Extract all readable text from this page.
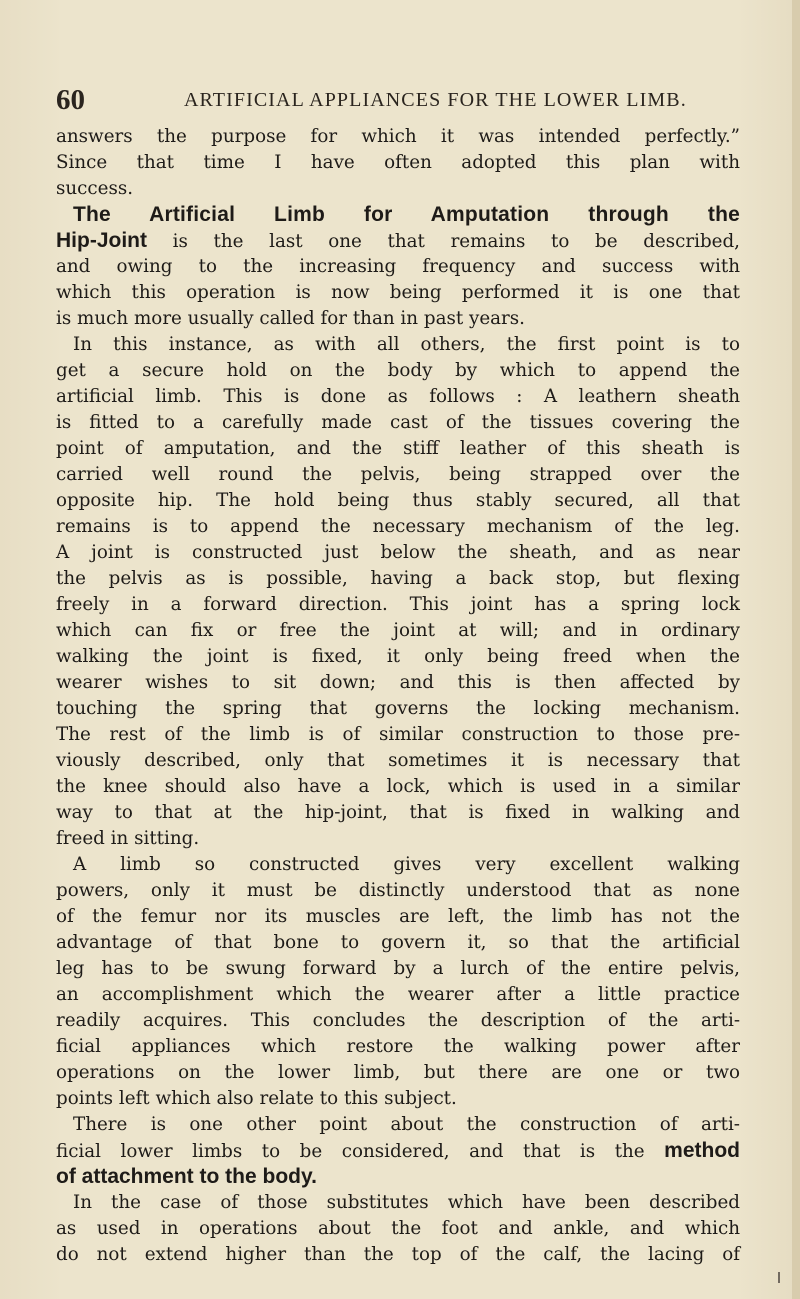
60	ARTIFICIAL APPLIANCES FOR THE LOWER LIMB.
answers the purpose for which it was intended perfectly.”
Since that time I have often adopted this plan with
success.
The Artificial Limb for Amputation through the
Hip-Joint is the last one that remains to be described,
and owing to the increasing frequency and success with
which this operation is now being performed it is one that
is much more usually called for than in past years.
In this instance, as with all others, the first point is to
get a secure hold on the body by which to append the
artificial limb. This is done as follows : A leathern sheath
is fitted to a carefully made cast of the tissues covering the
point of amputation, and the stiff leather of this sheath is
carried well round the pelvis, being strapped over the
opposite hip. The hold being thus stably secured, all that
remains is to append the necessary mechanism of the leg.
A joint is constructed just below the sheath, and as near
the pelvis as is possible, having a back stop, but flexing
freely in a forward direction. This joint has a spring lock
which can fix or free the joint at will; and in ordinary
walking the joint is fixed, it only being freed when the
wearer wishes to sit down; and this is then affected by
touching the spring that governs the locking mechanism.
The rest of the limb is of similar construction to those pre-
viously described, only that sometimes it is necessary that
the knee should also have a lock, which is used in a similar
way to that at the hip-joint, that is fixed in walking and
freed in sitting.
A limb so constructed gives very excellent walking
powers, only it must be distinctly understood that as none
of the femur nor its muscles are left, the limb has not the
advantage of that bone to govern it, so that the artificial
leg has to be swung forward by a lurch of the entire pelvis,
an accomplishment which the wearer after a little practice
readily acquires. This concludes the description of the arti-
ficial appliances which restore the walking power after
operations on the lower limb, but there are one or two
points left which also relate to this subject.
There is one other point about the construction of arti-
ficial lower limbs to be considered, and that is the method
of attachment to the body.
In the case of those substitutes which have been described
as used in operations about the foot and ankle, and which
do not extend higher than the top of the calf, the lacing of
